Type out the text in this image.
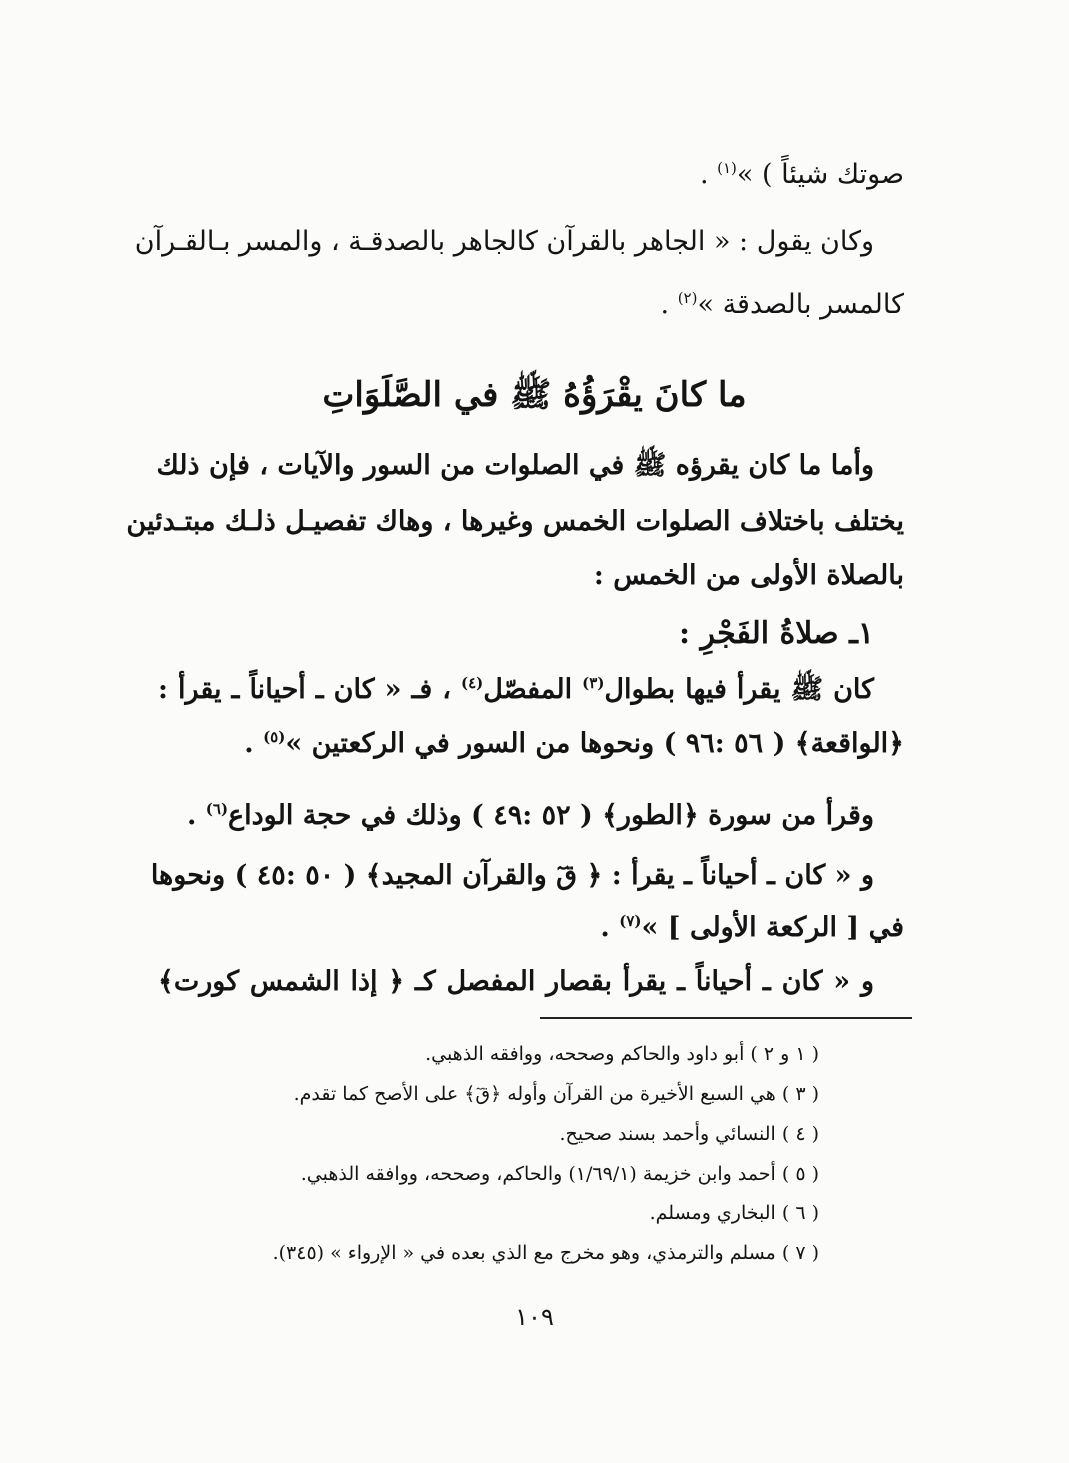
صوتك شيئاً ) »$^{(١)}$ .
وكان يقول : « الجاهر بالقرآن كالجاهر بالصدقـة ، والمسر بـالقـرآن
كالمسر بالصدقة »$^{(٢)}$ .
ما كانَ يقْرَؤُهُ ﷺ في الصَّلَوَاتِ
وأما ما كان يقرؤه ﷺ في الصلوات من السور والآيات ، فإن ذلك
يختلف باختلاف الصلوات الخمس وغيرها ، وهاك تفصيـل ذلـك مبتـدئين
بالصلاة الأولى من الخمس :
١ـ صلاةُ الفَجْرِ :
كان ﷺ يقرأ فيها بطوال$^{(٣)}$ المفصّل$^{(٤)}$ ، فـ « كان ـ أحياناً ـ يقرأ :
﴿الواقعة﴾ ( ٥٦ :٩٦ ) ونحوها من السور في الركعتين »$^{(٥)}$ .
وقرأ من سورة ﴿الطور﴾ ( ٥٢ :٤٩ ) وذلك في حجة الوداع$^{(٦)}$ .
و « كان ـ أحياناً ـ يقرأ : ﴿ قٓ والقرآن المجيد﴾ ( ٥٠ :٤٥ ) ونحوها
في [ الركعة الأولى ] »$^{(٧)}$ .
و « كان ـ أحياناً ـ يقرأ بقصار المفصل كـ ﴿ إذا الشمس كورت﴾
( ١ و ٢ ) أبو داود والحاكم وصححه، ووافقه الذهبي.
( ٣ ) هي السبع الأخيرة من القرآن وأوله ﴿قٓ﴾ على الأصح كما تقدم.
( ٤ ) النسائي وأحمد بسند صحيح.
( ٥ ) أحمد وابن خزيمة (١/٦٩/١) والحاكم، وصححه، ووافقه الذهبي.
( ٦ ) البخاري ومسلم.
( ٧ ) مسلم والترمذي، وهو مخرج مع الذي بعده في « الإرواء » (٣٤٥).
١٠٩
